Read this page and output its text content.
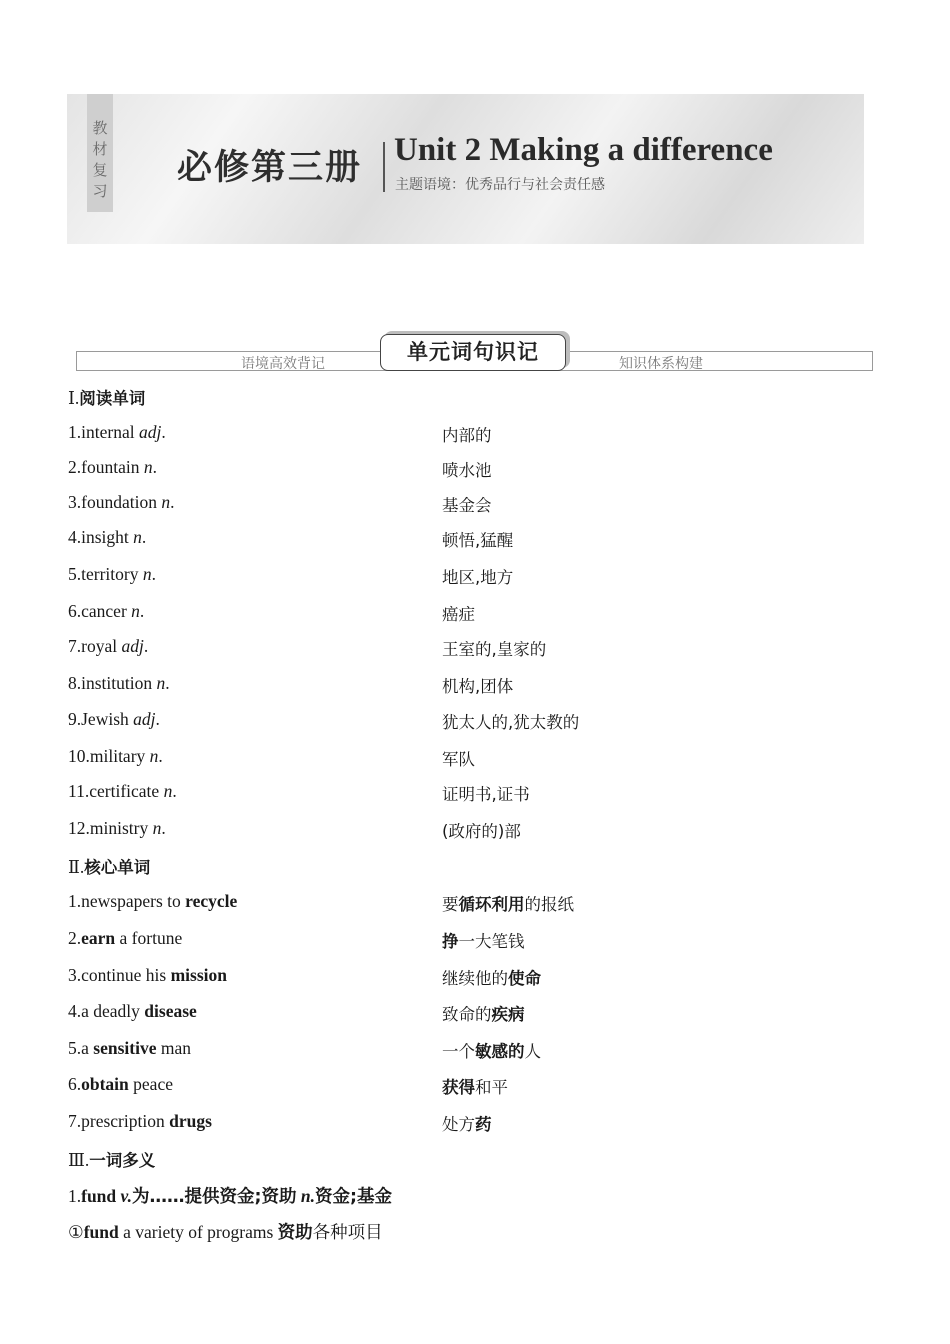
教材复习
必修第三册 Unit 2 Making a difference
主题语境：优秀品行与社会责任感
语境高效背记	知识体系构建
单元词句识记
Ⅰ.阅读单词
1.internal adj.	内部的
2.fountain n.	喷水池
3.foundation n.	基金会
4.insight n.	顿悟,猛醒
5.territory n.	地区,地方
6.cancer n.	癌症
7.royal adj.	王室的,皇家的
8.institution n.	机构,团体
9.Jewish adj.	犹太人的,犹太教的
10.military n.	军队
11.certificate n.	证明书,证书
12.ministry n.	(政府的)部
Ⅱ.核心单词
1.newspapers to recycle	要循环利用的报纸
2.earn a fortune	挣一大笔钱
3.continue his mission	继续他的使命
4.a deadly disease	致命的疾病
5.a sensitive man	一个敏感的人
6.obtain peace	获得和平
7.prescription drugs	处方药
Ⅲ.一词多义
1.fund v.为……提供资金;资助 n.资金;基金
①fund a variety of programs 资助各种项目
